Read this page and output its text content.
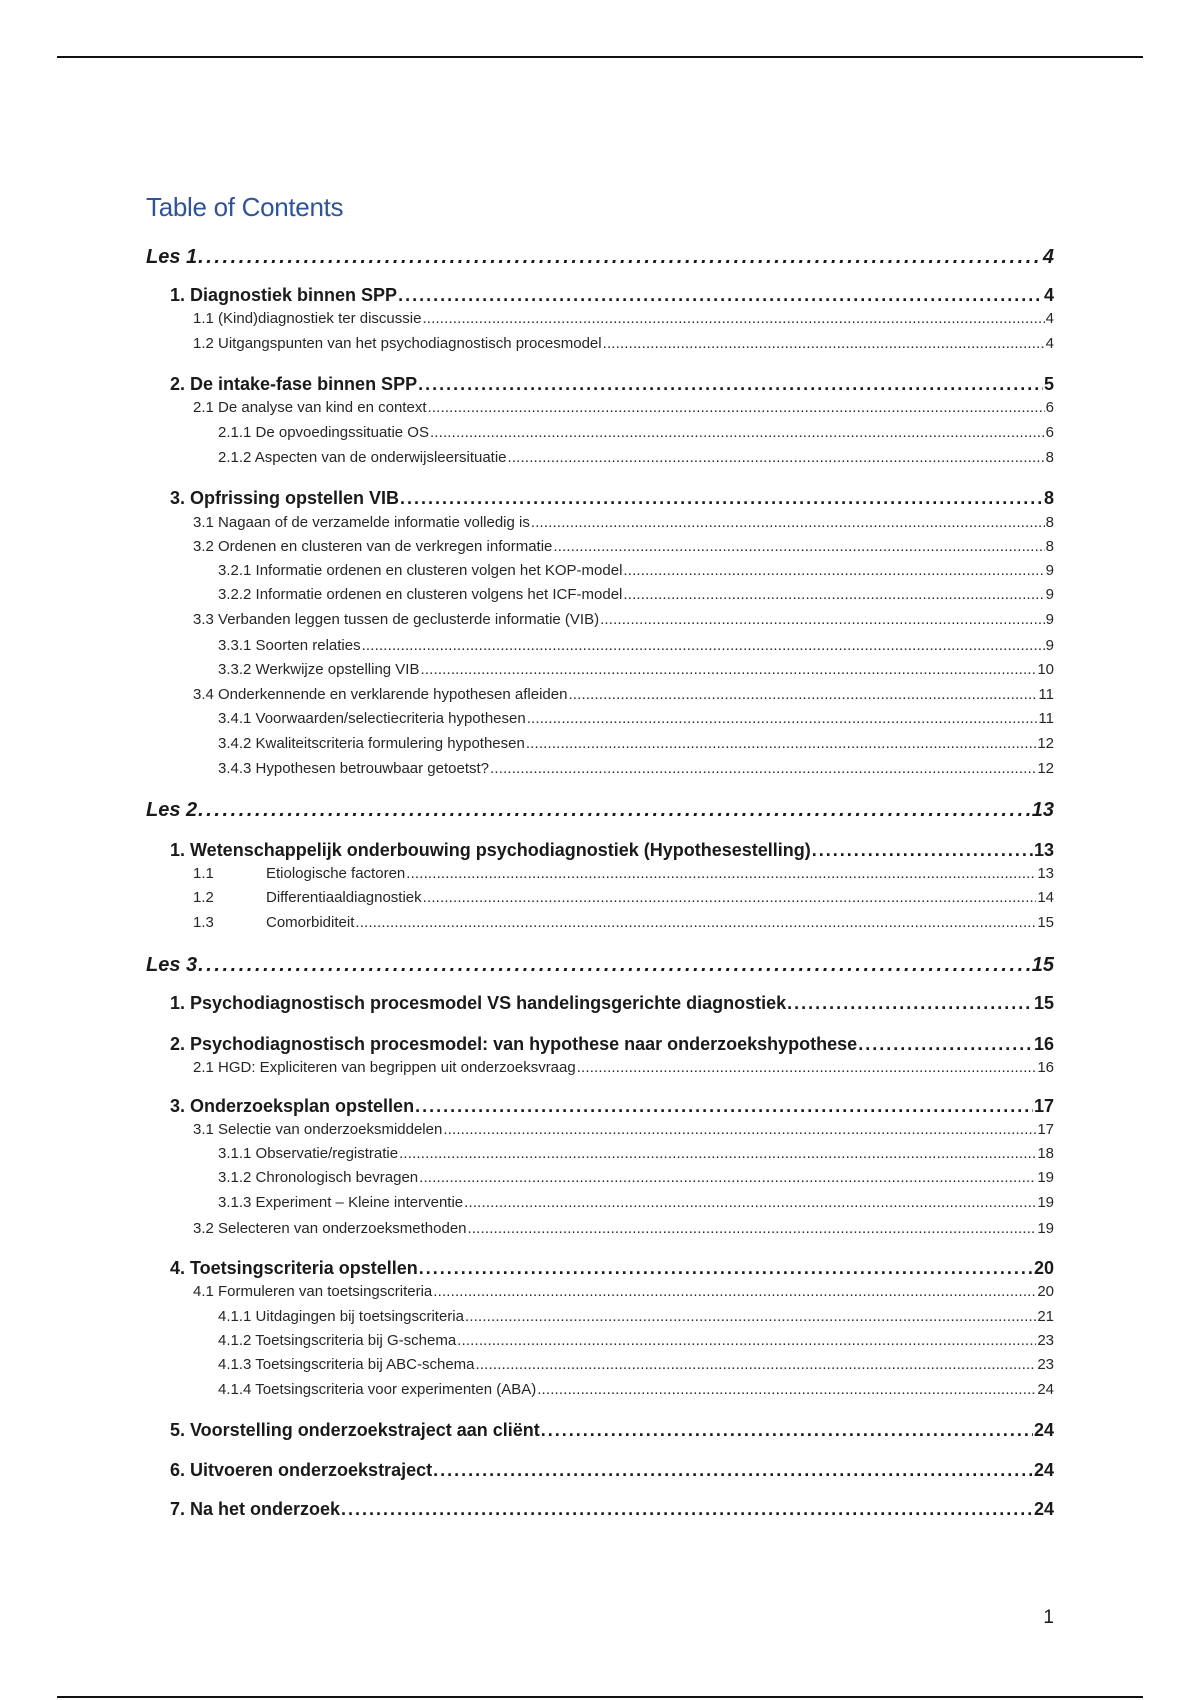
Table of Contents
Les 1 . . .	4
1. Diagnostiek binnen SPP . . .	4
1.1 (Kind)diagnostiek ter discussie . . .	4
1.2 Uitgangspunten van het psychodiagnostisch procesmodel . . .	4
2. De intake-fase binnen SPP . . .	5
2.1 De analyse van kind en context . . .	6
2.1.1 De opvoedingssituatie OS . . .	6
2.1.2 Aspecten van de onderwijsleersituatie . . .	8
3. Opfrissing opstellen VIB . . .	8
3.1 Nagaan of de verzamelde informatie volledig is . . .	8
3.2 Ordenen en clusteren van de verkregen informatie . . .	8
3.2.1 Informatie ordenen en clusteren volgen het KOP-model . . .	9
3.2.2 Informatie ordenen en clusteren volgens het ICF-model . . .	9
3.3 Verbanden leggen tussen de geclusterde informatie (VIB) . . .	9
3.3.1 Soorten relaties . . .	9
3.3.2 Werkwijze opstelling VIB . . .	10
3.4 Onderkennende en verklarende hypothesen afleiden . . .	11
3.4.1 Voorwaarden/selectiecriteria hypothesen . . .	11
3.4.2 Kwaliteitscriteria formulering hypothesen . . .	12
3.4.3 Hypothesen betrouwbaar getoetst? . . .	12
Les 2 . . .	13
1. Wetenschappelijk onderbouwing psychodiagnostiek (Hypothesestelling) . . .	13
1.1	Etiologische factoren . . .	13
1.2	Differentiaaldiagnostiek . . .	14
1.3	Comorbiditeit . . .	15
Les 3 . . .	15
1. Psychodiagnostisch procesmodel VS handelingsgerichte diagnostiek . . .	15
2. Psychodiagnostisch procesmodel: van hypothese naar onderzoekshypothese . . .	16
2.1 HGD: Expliciteren van begrippen uit onderzoeksvraag . . .	16
3. Onderzoeksplan opstellen . . .	17
3.1 Selectie van onderzoeksmiddelen . . .	17
3.1.1 Observatie/registratie . . .	18
3.1.2 Chronologisch bevragen . . .	19
3.1.3 Experiment – Kleine interventie . . .	19
3.2 Selecteren van onderzoeksmethoden . . .	19
4. Toetsingscriteria opstellen . . .	20
4.1 Formuleren van toetsingscriteria . . .	20
4.1.1 Uitdagingen bij toetsingscriteria . . .	21
4.1.2 Toetsingscriteria bij G-schema . . .	23
4.1.3 Toetsingscriteria bij ABC-schema . . .	23
4.1.4 Toetsingscriteria voor experimenten (ABA) . . .	24
5. Voorstelling onderzoekstraject aan cliënt . . .	24
6. Uitvoeren onderzoekstraject . . .	24
7. Na het onderzoek . . .	24
1
